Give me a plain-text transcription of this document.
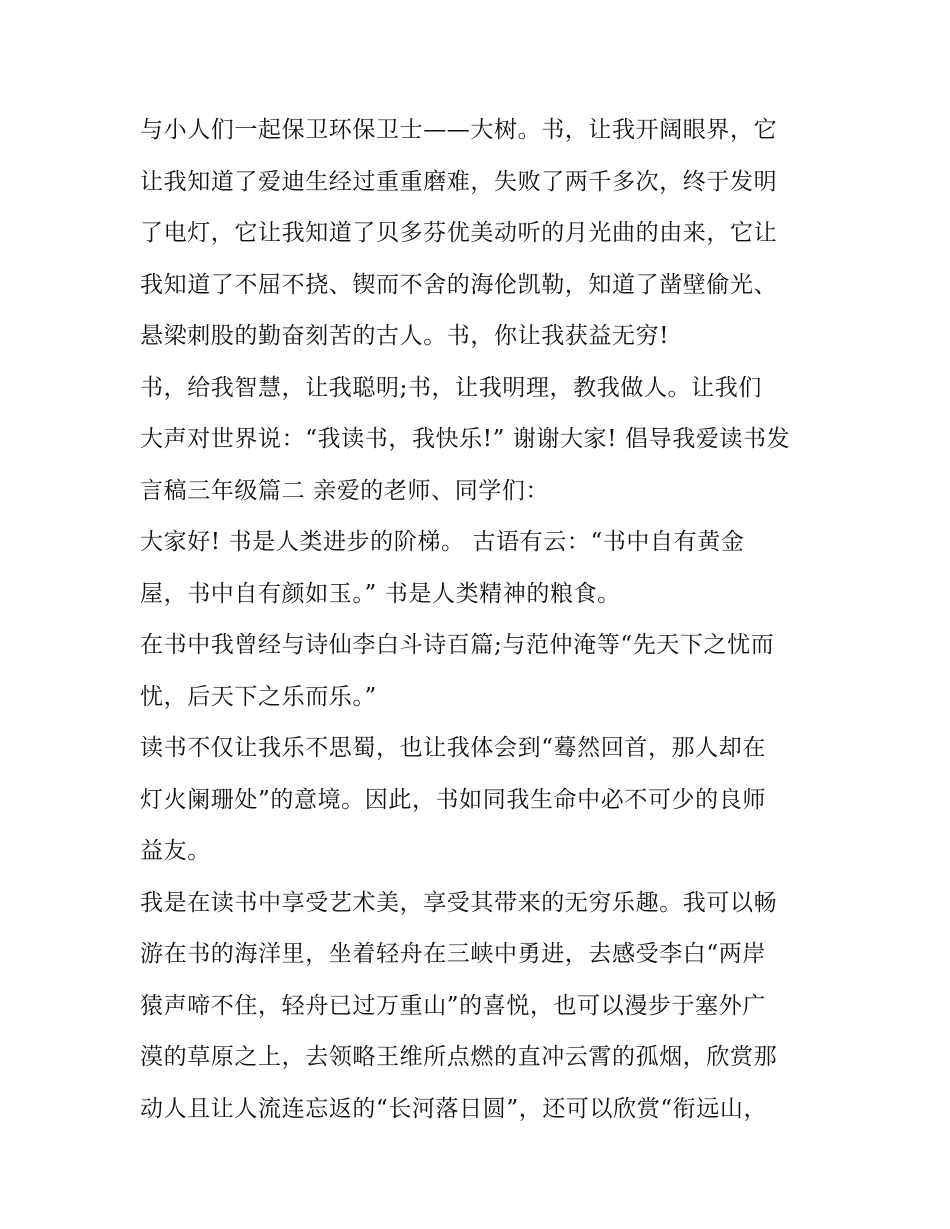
与小人们一起保卫环保卫士——大树。书，让我开阔眼界，它
让我知道了爱迪生经过重重磨难，失败了两千多次，终于发明
了电灯，它让我知道了贝多芬优美动听的月光曲的由来，它让
我知道了不屈不挠、锲而不舍的海伦凯勒，知道了凿壁偷光、
悬梁刺股的勤奋刻苦的古人。书，你让我获益无穷!
书，给我智慧，让我聪明;书，让我明理，教我做人。让我们
大声对世界说：“我读书，我快乐!” 谢谢大家! 倡导我爱读书发
言稿三年级篇二 亲爱的老师、同学们：
大家好! 书是人类进步的阶梯。 古语有云：“书中自有黄金
屋，书中自有颜如玉。” 书是人类精神的粮食。
在书中我曾经与诗仙李白斗诗百篇;与范仲淹等“先天下之忧而
忧，后天下之乐而乐。”
读书不仅让我乐不思蜀，也让我体会到“蓦然回首，那人却在
灯火阑珊处”的意境。因此，书如同我生命中必不可少的良师
益友。
我是在读书中享受艺术美，享受其带来的无穷乐趣。我可以畅
游在书的海洋里，坐着轻舟在三峡中勇进，去感受李白“两岸
猿声啼不住，轻舟已过万重山”的喜悦，也可以漫步于塞外广
漠的草原之上，去领略王维所点燃的直冲云霄的孤烟，欣赏那
动人且让人流连忘返的“长河落日圆”，还可以欣赏“衔远山，
